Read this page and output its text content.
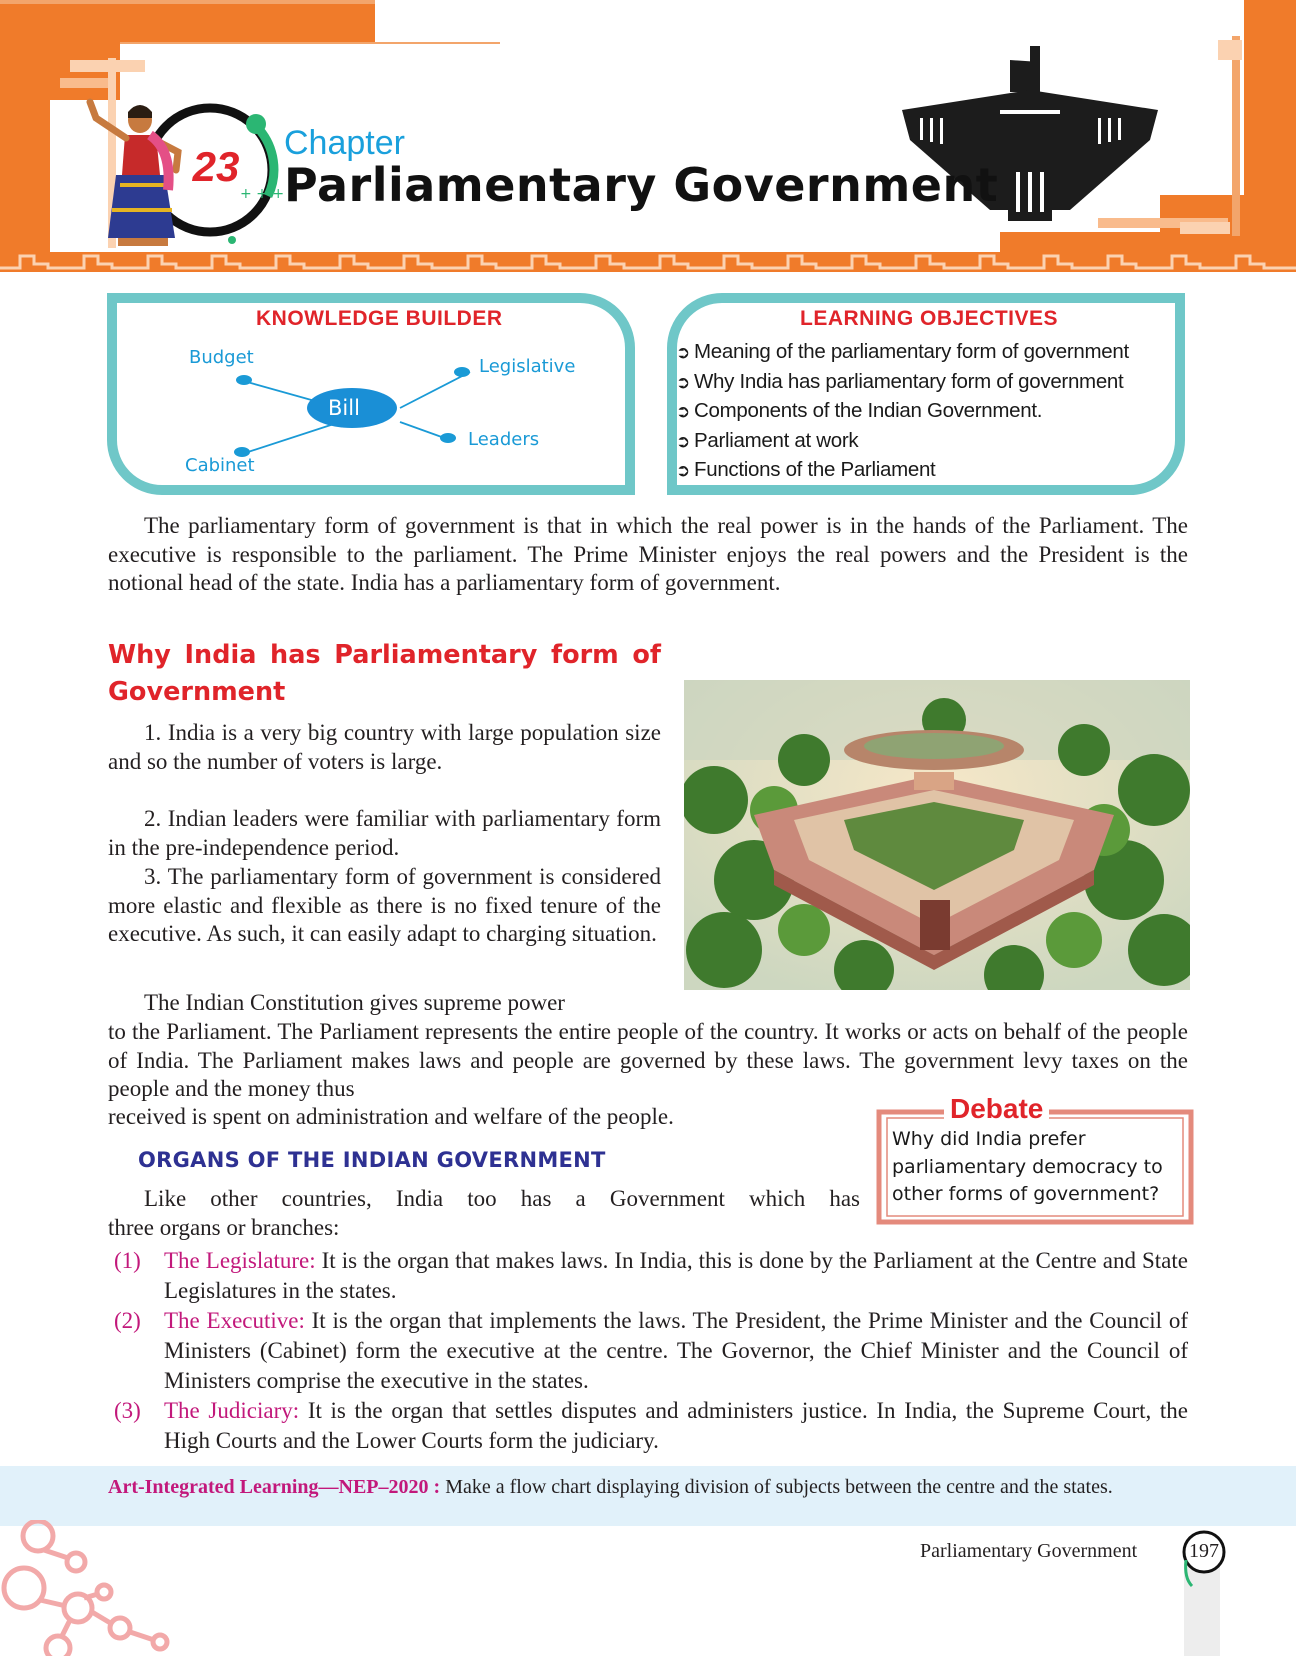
+ + +
23 Chapter
Parliamentary Government
KNOWLEDGE BUILDER
Bill
Budget	Legislative
Leaders
Cabinet
LEARNING OBJECTIVES
➲ Meaning of the parliamentary form of government
➲ Why India has parliamentary form of government
➲ Components of the Indian Government.
➲ Parliament at work
➲ Functions of the Parliament

The parliamentary form of government is that in which the real power is in the hands of the Parliament. The executive is responsible to the parliament. The Prime Minister enjoys the real powers and the President is the notional head of the state. India has a parliamentary form of government.

Why India has Parliamentary form of
Government

1. India is a very big country with large population size and so the number of voters is large.

2. Indian leaders were familiar with parliamentary form in the pre-independence period.

3. The parliamentary form of government is considered more elastic and flexible as there is no fixed tenure of the executive. As such, it can easily adapt to charging situation.

The Indian Constitution gives supreme power

to the Parliament. The Parliament represents the entire people of the country. It works or acts on behalf of the people of India. The Parliament makes laws and people are governed by these laws. The government levy taxes on the people and the money thus

received is spent on administration and welfare of the people.	Debate
Why did India prefer parliamentary democracy to other forms of government?
ORGANS OF THE INDIAN GOVERNMENT

Like other countries, India too has a Government which has

three organs or branches:

(1) The Legislature: It is the organ that makes laws. In India, this is done by the Parliament at the Centre and State Legislatures in the states.
(2) The Executive: It is the organ that implements the laws. The President, the Prime Minister and the Council of Ministers (Cabinet) form the executive at the centre. The Governor, the Chief Minister and the Council of Ministers comprise the executive in the states.
(3) The Judiciary: It is the organ that settles disputes and administers justice. In India, the Supreme Court, the High Courts and the Lower Courts form the judiciary.
Art-Integrated Learning—NEP–2020 : Make a flow chart displaying division of subjects between the centre and the states.
Parliamentary Government	197
